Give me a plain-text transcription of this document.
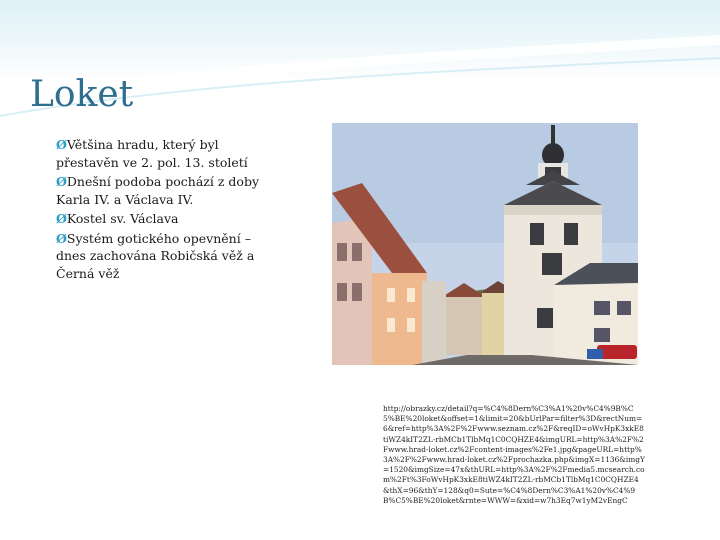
Loket
ØVětšina hradu, který byl přestavěn ve 2. pol. 13. století
ØDnešní podoba pochází z doby Karla IV. a Václava IV.
ØKostel sv. Václava
ØSystém gotického opevnění – dnes zachována Robičská věž a Černá věž
http://obrazky.cz/detail?q=%C4%8Dern%C3%A1%20v%C4%9B%C5%BE%20loket&offset=1&limit=20&bUrlPar=filter%3D&rectNum=6&ref=http%3A%2F%2Fwww.seznam.cz%2F&reqID=oWvHpK3xkE8tiWZ4kIT2ZL-rbMCb1TlbMq1C0CQHZE4&imgURL=http%3A%2F%2Fwww.hrad-loket.cz%2Fcontent-images%2Fe1.jpg&pageURL=http%3A%2F%2Fwww.hrad-loket.cz%2Fprochazka.php&imgX=1136&imgY=1520&imgSize=47x&thURL=http%3A%2F%2Fmedia5.mcsearch.com%2Ft%3FoWvHpK3xkE8tiWZ4kIT2ZL-rbMCb1TlbMq1C0CQHZE4&thX=96&thY=128&q0=Sute=%C4%8Dern%C3%A1%20v%C4%9B%C5%BE%20loket&rnte=WWW=&xid=w7h3Eq7w1yM2vEngC
